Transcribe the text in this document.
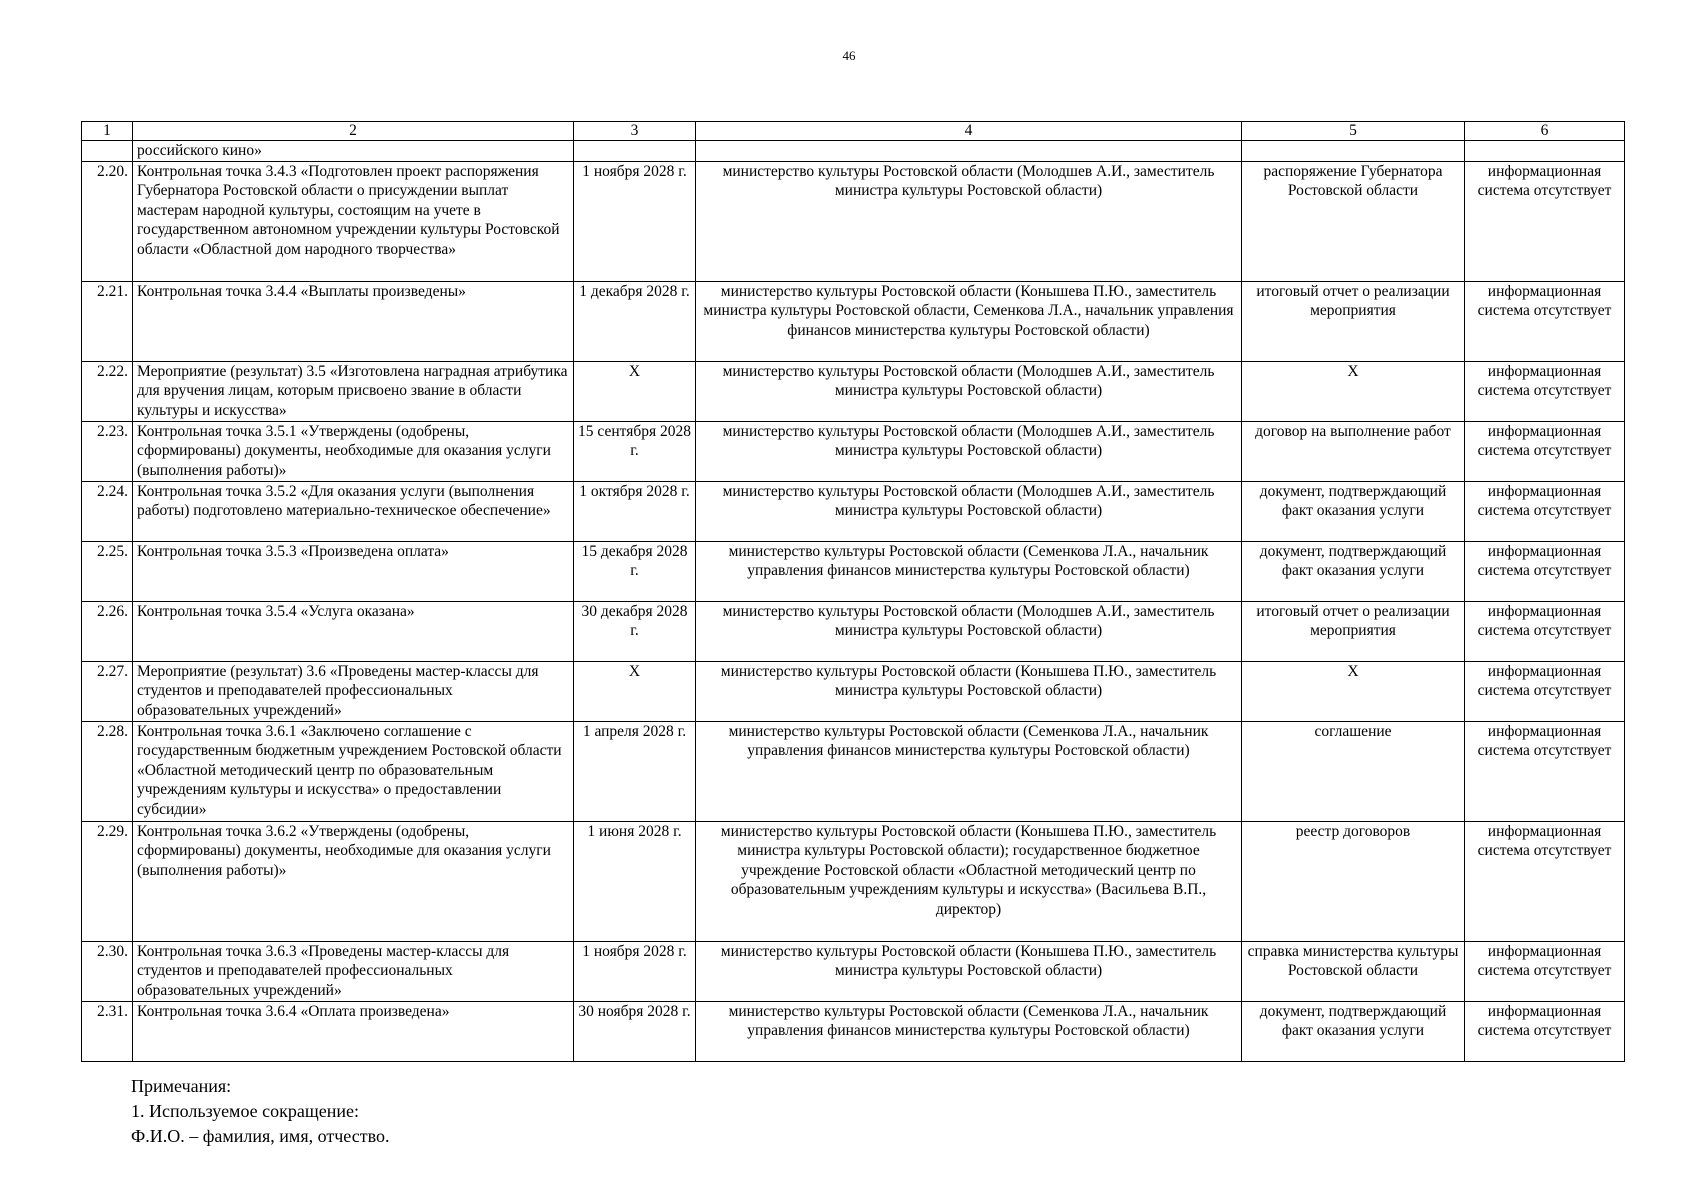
46
1	2	3	4	5	6
	российского кино»				
2.20.	Контрольная точка 3.4.3 «Подготовлен проект распоряжения Губернатора Ростовской области о присуждении выплат мастерам народной культуры, состоящим на учете в государственном автономном учреждении культуры Ростовской области «Областной дом народного творчества»	1 ноября 2028 г.	министерство культуры Ростовской области (Молодшев А.И., заместитель министра культуры Ростовской области)	распоряжение Губернатора Ростовской области	информационная система отсутствует
2.21.	Контрольная точка 3.4.4 «Выплаты произведены»	1 декабря 2028 г.	министерство культуры Ростовской области (Конышева П.Ю., заместитель министра культуры Ростовской области, Семенкова Л.А., начальник управления финансов министерства культуры Ростовской области)	итоговый отчет о реализации мероприятия	информационная система отсутствует
2.22.	Мероприятие (результат) 3.5 «Изготовлена наградная атрибутика для вручения лицам, которым присвоено звание в области культуры и искусства»	Х	министерство культуры Ростовской области (Молодшев А.И., заместитель министра культуры Ростовской области)	Х	информационная система отсутствует
2.23.	Контрольная точка 3.5.1 «Утверждены (одобрены, сформированы) документы, необходимые для оказания услуги (выполнения работы)»	15 сентября 2028 г.	министерство культуры Ростовской области (Молодшев А.И., заместитель министра культуры Ростовской области)	договор на выполнение работ	информационная система отсутствует
2.24.	Контрольная точка 3.5.2 «Для оказания услуги (выполнения работы) подготовлено материально-техническое обеспечение»	1 октября 2028 г.	министерство культуры Ростовской области (Молодшев А.И., заместитель министра культуры Ростовской области)	документ, подтверждающий факт оказания услуги	информационная система отсутствует
2.25.	Контрольная точка 3.5.3 «Произведена оплата»	15 декабря 2028 г.	министерство культуры Ростовской области (Семенкова Л.А., начальник управления финансов министерства культуры Ростовской области)	документ, подтверждающий факт оказания услуги	информационная система отсутствует
2.26.	Контрольная точка 3.5.4 «Услуга оказана»	30 декабря 2028 г.	министерство культуры Ростовской области (Молодшев А.И., заместитель министра культуры Ростовской области)	итоговый отчет о реализации мероприятия	информационная система отсутствует
2.27.	Мероприятие (результат) 3.6 «Проведены мастер-классы для студентов и преподавателей профессиональных образовательных учреждений»	Х	министерство культуры Ростовской области (Конышева П.Ю., заместитель министра культуры Ростовской области)	Х	информационная система отсутствует
2.28.	Контрольная точка 3.6.1 «Заключено соглашение с государственным бюджетным учреждением Ростовской области «Областной методический центр по образовательным учреждениям культуры и искусства» о предоставлении субсидии»	1 апреля 2028 г.	министерство культуры Ростовской области (Семенкова Л.А., начальник управления финансов министерства культуры Ростовской области)	соглашение	информационная система отсутствует
2.29.	Контрольная точка 3.6.2 «Утверждены (одобрены, сформированы) документы, необходимые для оказания услуги (выполнения работы)»	1 июня 2028 г.	министерство культуры Ростовской области (Конышева П.Ю., заместитель министра культуры Ростовской области); государственное бюджетное учреждение Ростовской области «Областной методический центр по образовательным учреждениям культуры и искусства» (Васильева В.П., директор)	реестр договоров	информационная система отсутствует
2.30.	Контрольная точка 3.6.3 «Проведены мастер-классы для студентов и преподавателей профессиональных образовательных учреждений»	1 ноября 2028 г.	министерство культуры Ростовской области (Конышева П.Ю., заместитель министра культуры Ростовской области)	справка министерства культуры Ростовской области	информационная система отсутствует
2.31.	Контрольная точка 3.6.4 «Оплата произведена»	30 ноября 2028 г.	министерство культуры Ростовской области (Семенкова Л.А., начальник управления финансов министерства культуры Ростовской области)	документ, подтверждающий факт оказания услуги	информационная система отсутствует
Примечания:
1. Используемое сокращение:
Ф.И.О. – фамилия, имя, отчество.
